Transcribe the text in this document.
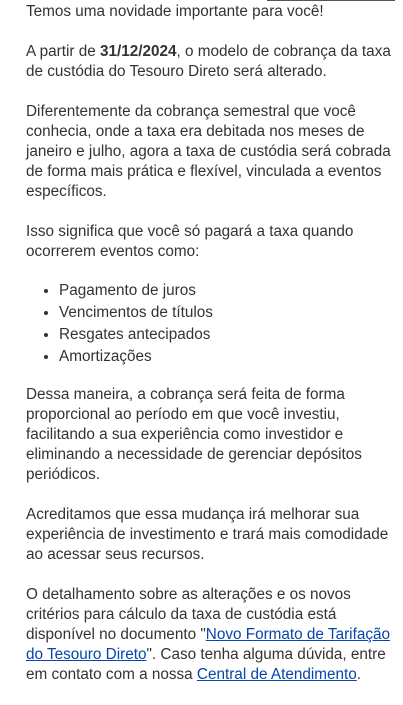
Temos uma novidade importante para você!

A partir de 31/12/2024, o modelo de cobrança da taxa de custódia do Tesouro Direto será alterado.

Diferentemente da cobrança semestral que você conhecia, onde a taxa era debitada nos meses de janeiro e julho, agora a taxa de custódia será cobrada de forma mais prática e flexível, vinculada a eventos específicos.

Isso significa que você só pagará a taxa quando ocorrerem eventos como:

• Pagamento de juros
• Vencimentos de títulos
• Resgates antecipados
• Amortizações

Dessa maneira, a cobrança será feita de forma proporcional ao período em que você investiu, facilitando a sua experiência como investidor e eliminando a necessidade de gerenciar depósitos periódicos.

Acreditamos que essa mudança irá melhorar sua experiência de investimento e trará mais comodidade ao acessar seus recursos.

O detalhamento sobre as alterações e os novos critérios para cálculo da taxa de custódia está disponível no documento "Novo Formato de Tarifação do Tesouro Direto". Caso tenha alguma dúvida, entre em contato com a nossa Central de Atendimento.
